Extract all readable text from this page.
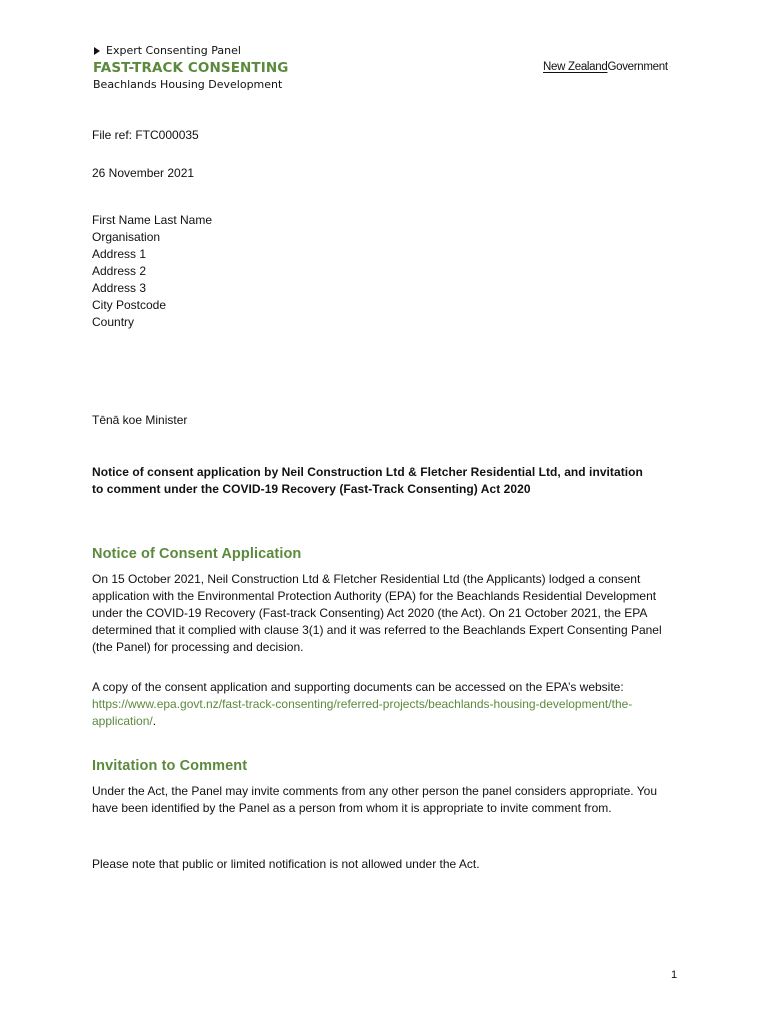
Expert Consenting Panel
FAST-TRACK CONSENTING
Beachlands Housing Development
New ZealandGovernment
File ref: FTC000035
26 November 2021
First Name Last Name
Organisation
Address 1
Address 2
Address 3
City Postcode
Country
Tēnā koe Minister
Notice of consent application by Neil Construction Ltd & Fletcher Residential Ltd, and invitation to comment under the COVID-19 Recovery (Fast-Track Consenting) Act 2020
Notice of Consent Application
On 15 October 2021, Neil Construction Ltd & Fletcher Residential Ltd (the Applicants) lodged a consent application with the Environmental Protection Authority (EPA) for the Beachlands Residential Development under the COVID-19 Recovery (Fast-track Consenting) Act 2020 (the Act). On 21 October 2021, the EPA determined that it complied with clause 3(1) and it was referred to the Beachlands Expert Consenting Panel (the Panel) for processing and decision.
A copy of the consent application and supporting documents can be accessed on the EPA’s website: https://www.epa.govt.nz/fast-track-consenting/referred-projects/beachlands-housing-development/the-application/.
Invitation to Comment
Under the Act, the Panel may invite comments from any other person the panel considers appropriate. You have been identified by the Panel as a person from whom it is appropriate to invite comment from.
Please note that public or limited notification is not allowed under the Act.
1
